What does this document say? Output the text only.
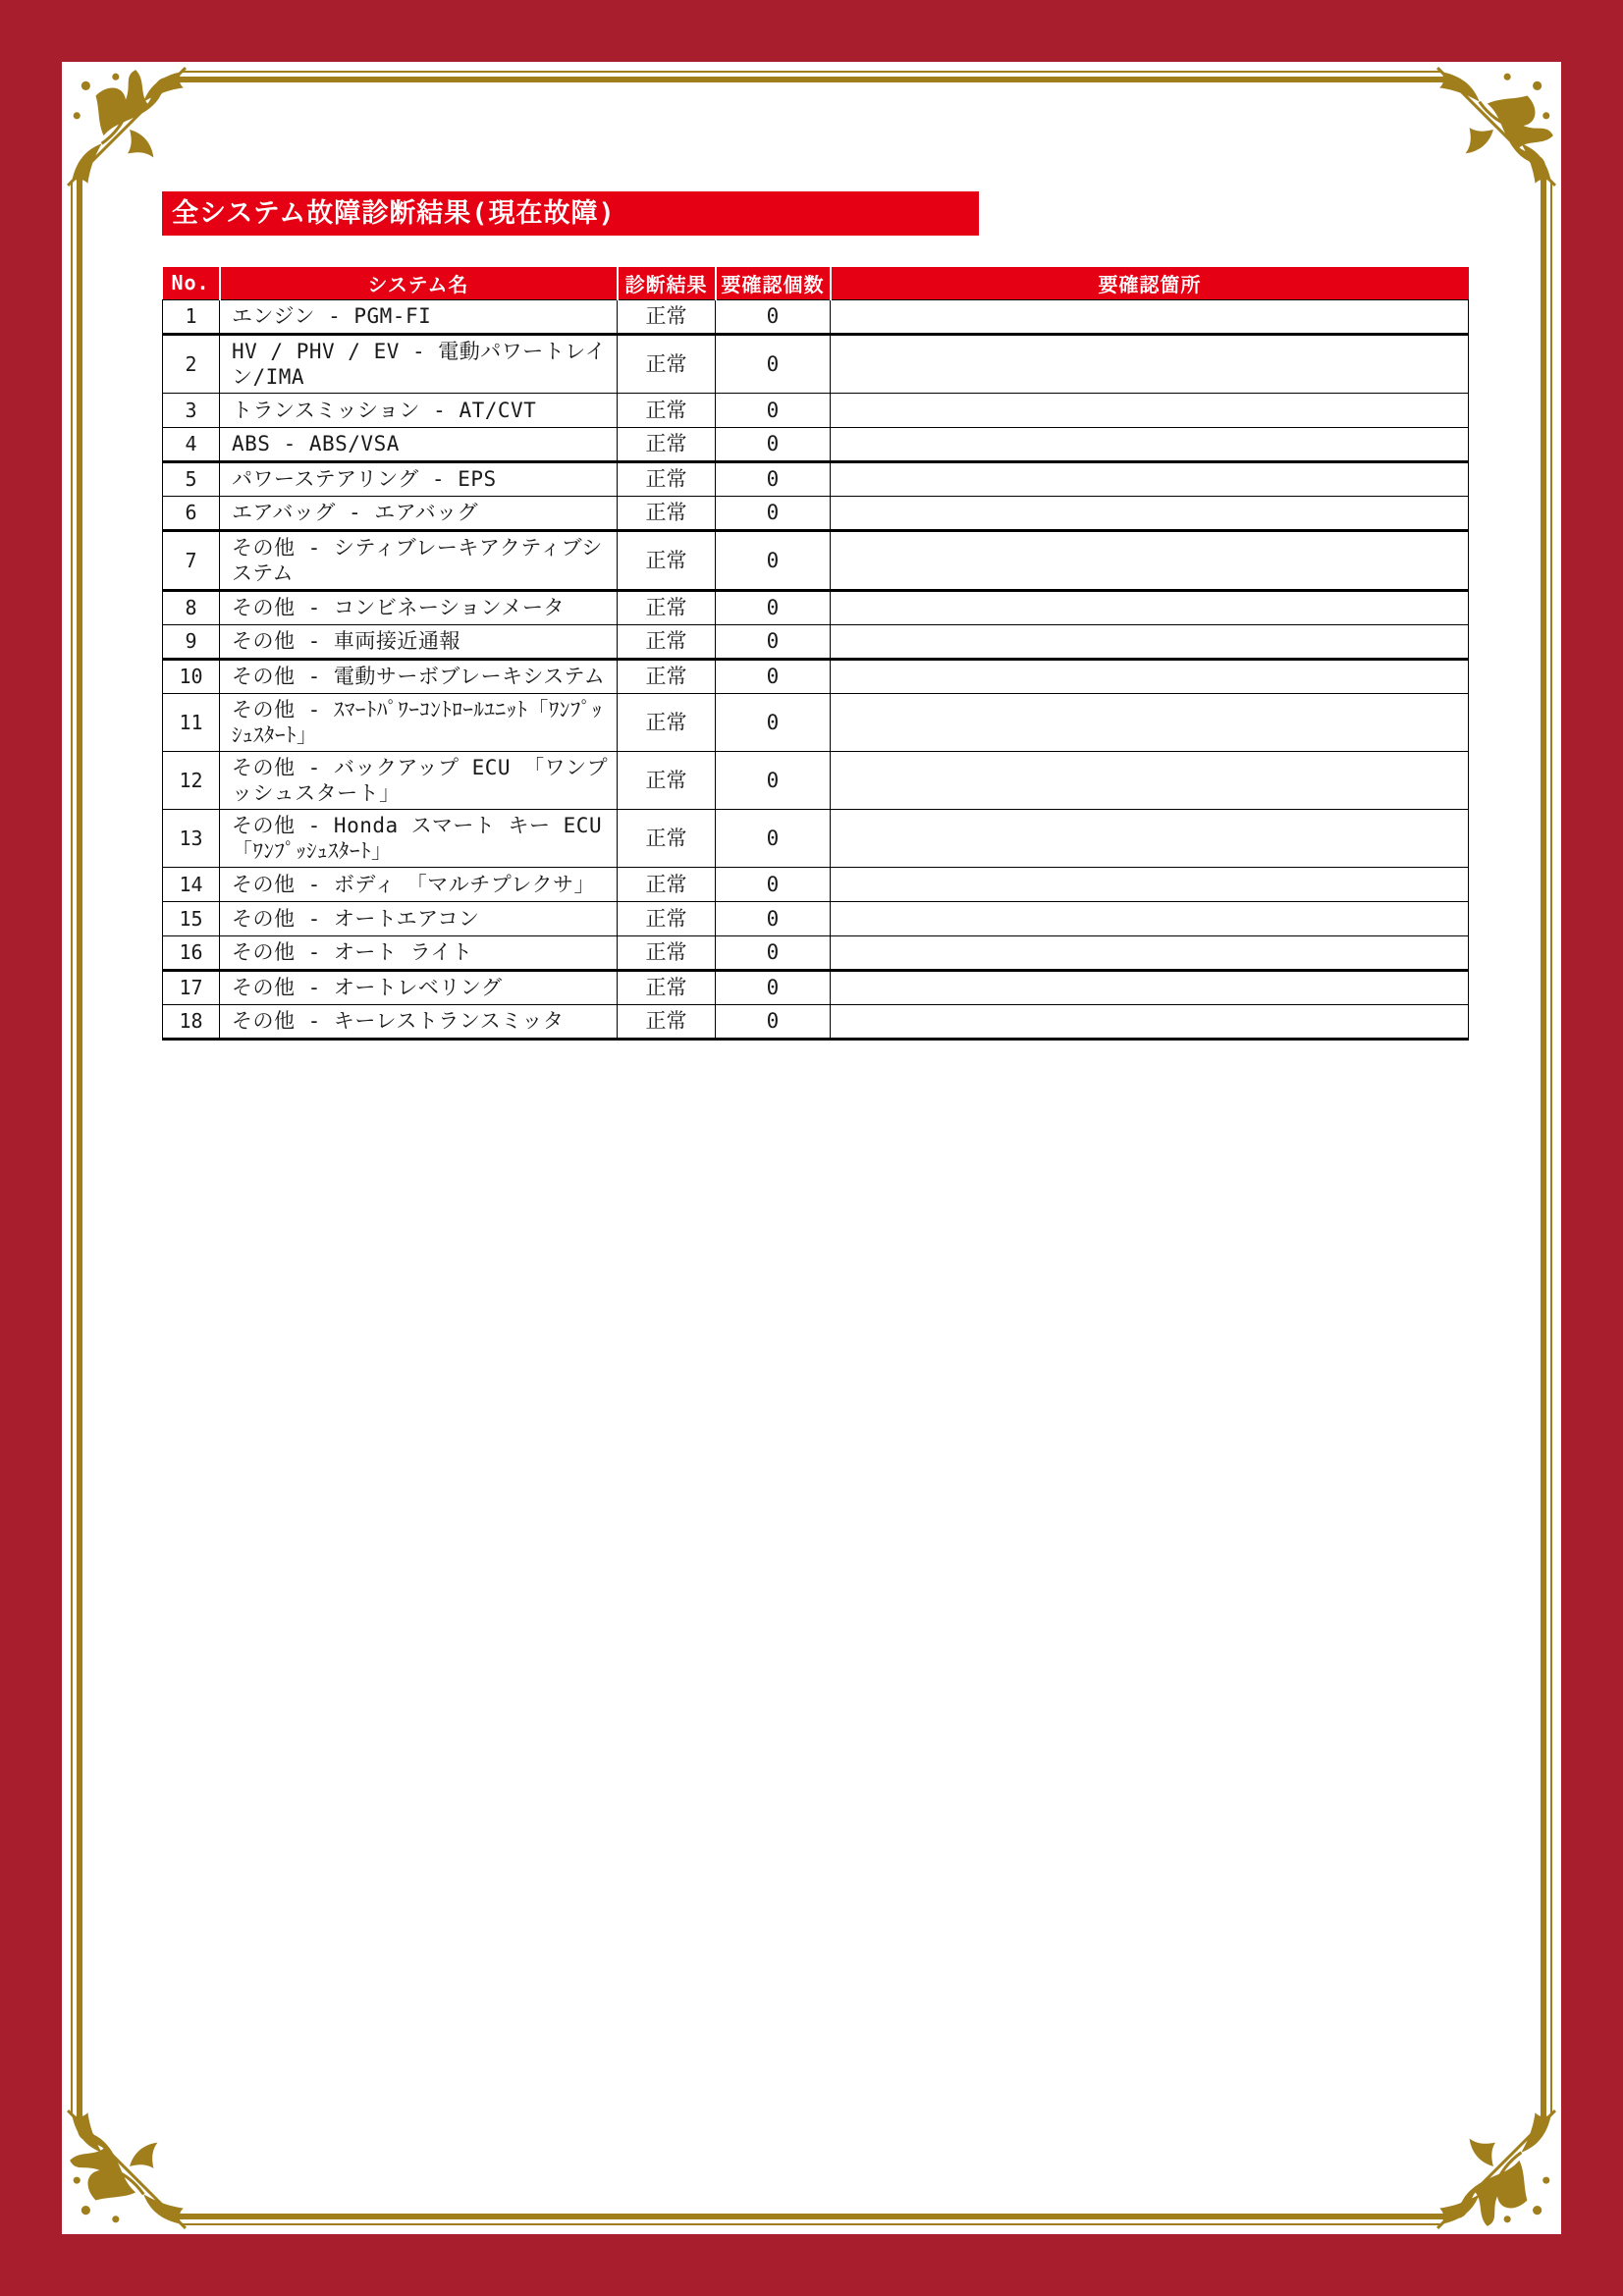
全システム故障診断結果(現在故障)
No.	システム名	診断結果	要確認個数	要確認箇所
1	エンジン - PGM-FI	正常	0	
2	HV / PHV / EV - 電動パワートレイン/IMA	正常	0	
3	トランスミッション - AT/CVT	正常	0	
4	ABS - ABS/VSA	正常	0	
5	パワーステアリング - EPS	正常	0	
6	エアバッグ - エアバッグ	正常	0	
7	その他 - シティブレーキアクティブシステム	正常	0	
8	その他 - コンビネーションメータ	正常	0	
9	その他 - 車両接近通報	正常	0	
10	その他 - 電動サーボブレーキシステム	正常	0	
11	その他 - ｽﾏｰﾄﾊﾟﾜｰｺﾝﾄﾛｰﾙﾕﾆｯﾄ「ﾜﾝﾌﾟｯｼｭｽﾀｰﾄ」	正常	0	
12	その他 - バックアップ ECU 「ワンプッシュスタート」	正常	0	
13	その他 - Honda スマート キー ECU「ﾜﾝﾌﾟｯｼｭｽﾀｰﾄ」	正常	0	
14	その他 - ボディ　「マルチプレクサ」	正常	0	
15	その他 - オートエアコン	正常	0	
16	その他 - オート ライト	正常	0	
17	その他 - オートレベリング	正常	0	
18	その他 - キーレストランスミッタ	正常	0	
